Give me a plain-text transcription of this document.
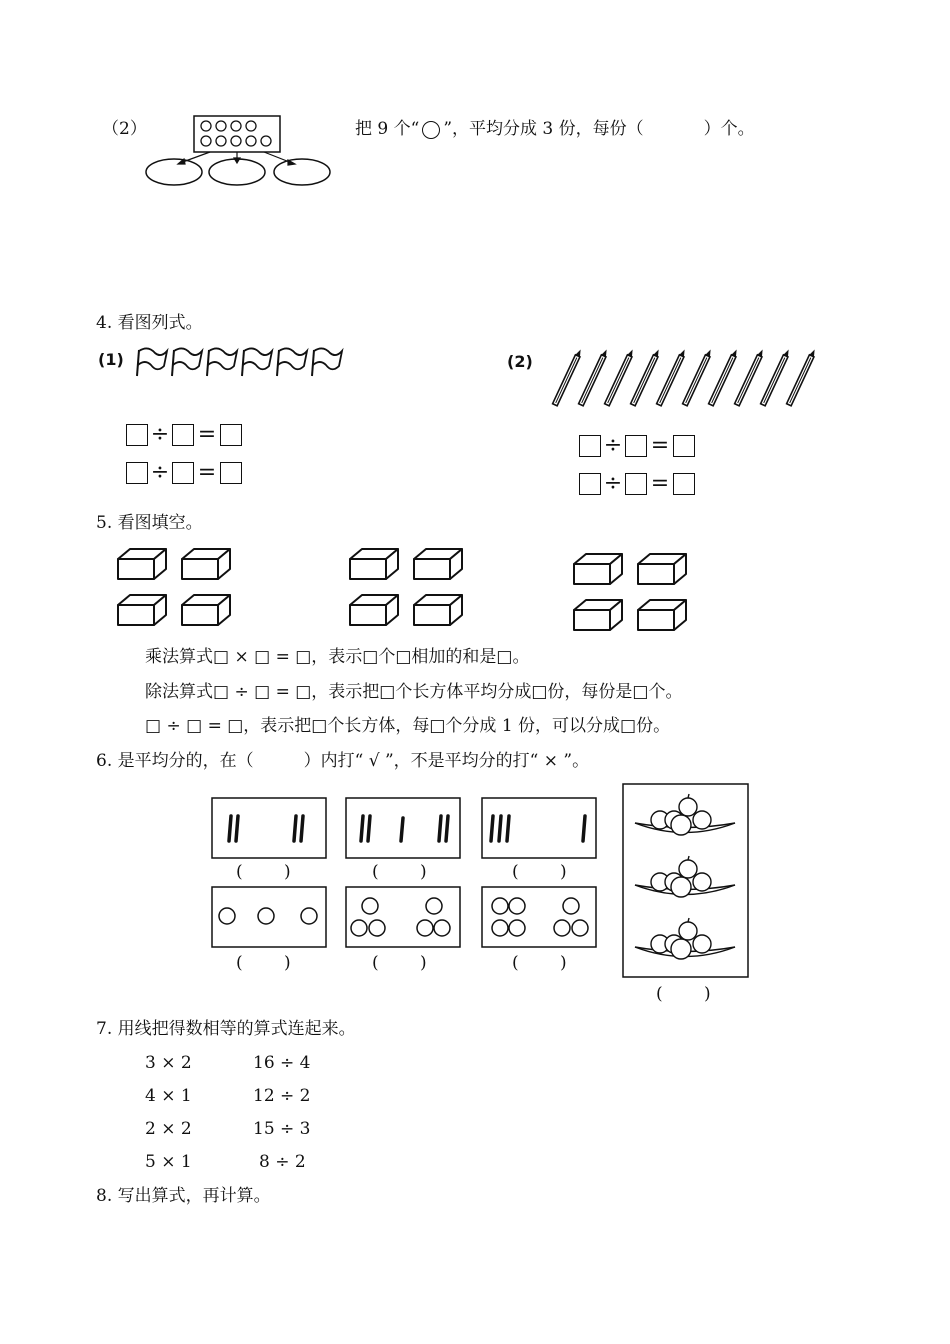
（2）	把 9 个“ ”，平均分成 3 份，每份（	）个。
4. 看图列式。
(1)	(2)
÷ =
÷ =
÷ =
÷ =
5. 看图填空。
乘法算式□ × □ = □，表示□个□相加的和是□。
除法算式□ ÷ □ = □，表示把□个长方体平均分成□份，每份是□个。
□ ÷ □ = □，表示把□个长方体，每□个分成 1 份，可以分成□份。
6. 是平均分的，在（	）内打“ √ ”，不是平均分的打“ × ”。
( )	( )	( )
( )	( )	( )
( )
7. 用线把得数相等的算式连起来。
3 × 2
4 × 1
2 × 2
5 × 1
16 ÷ 4
12 ÷ 2
15 ÷ 3
8 ÷ 2
8. 写出算式，再计算。
